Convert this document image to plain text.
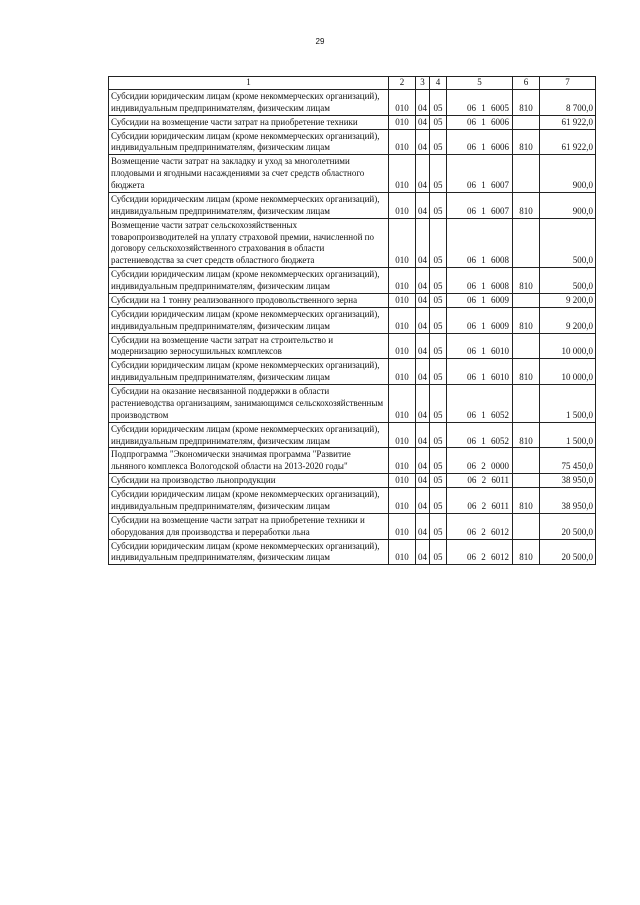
29
1	2	3	4	5	6	7
Субсидии юридическим лицам (кроме некоммерческих организаций), индивидуальным предпринимателям, физическим лицам	010	04	05	06 1 6005	810	8 700,0
Субсидии на возмещение части затрат на приобретение техники	010	04	05	06 1 6006		61 922,0
Субсидии юридическим лицам (кроме некоммерческих организаций), индивидуальным предпринимателям, физическим лицам	010	04	05	06 1 6006	810	61 922,0
Возмещение части затрат на закладку и уход за многолетними плодовыми и ягодными насаждениями за счет средств областного бюджета	010	04	05	06 1 6007		900,0
Субсидии юридическим лицам (кроме некоммерческих организаций), индивидуальным предпринимателям, физическим лицам	010	04	05	06 1 6007	810	900,0
Возмещение части затрат сельскохозяйственных товаропроизводителей на уплату страховой премии, начисленной по договору сельскохозяйственного страхования в области растениеводства за счет средств областного бюджета	010	04	05	06 1 6008		500,0
Субсидии юридическим лицам (кроме некоммерческих организаций), индивидуальным предпринимателям, физическим лицам	010	04	05	06 1 6008	810	500,0
Субсидии на 1 тонну реализованного продовольственного зерна	010	04	05	06 1 6009		9 200,0
Субсидии юридическим лицам (кроме некоммерческих организаций), индивидуальным предпринимателям, физическим лицам	010	04	05	06 1 6009	810	9 200,0
Субсидии на возмещение части затрат на строительство и модернизацию зерносушильных комплексов	010	04	05	06 1 6010		10 000,0
Субсидии юридическим лицам (кроме некоммерческих организаций), индивидуальным предпринимателям, физическим лицам	010	04	05	06 1 6010	810	10 000,0
Субсидии на оказание несвязанной поддержки в области растениеводства организациям, занимающимся сельскохозяйственным производством	010	04	05	06 1 6052		1 500,0
Субсидии юридическим лицам (кроме некоммерческих организаций), индивидуальным предпринимателям, физическим лицам	010	04	05	06 1 6052	810	1 500,0
Подпрограмма "Экономически значимая программа "Развитие льняного комплекса Вологодской области на 2013-2020 годы"	010	04	05	06 2 0000		75 450,0
Субсидии на производство льнопродукции	010	04	05	06 2 6011		38 950,0
Субсидии юридическим лицам (кроме некоммерческих организаций), индивидуальным предпринимателям, физическим лицам	010	04	05	06 2 6011	810	38 950,0
Субсидии на возмещение части затрат на приобретение техники и оборудования для производства и переработки льна	010	04	05	06 2 6012		20 500,0
Субсидии юридическим лицам (кроме некоммерческих организаций), индивидуальным предпринимателям, физическим лицам	010	04	05	06 2 6012	810	20 500,0
